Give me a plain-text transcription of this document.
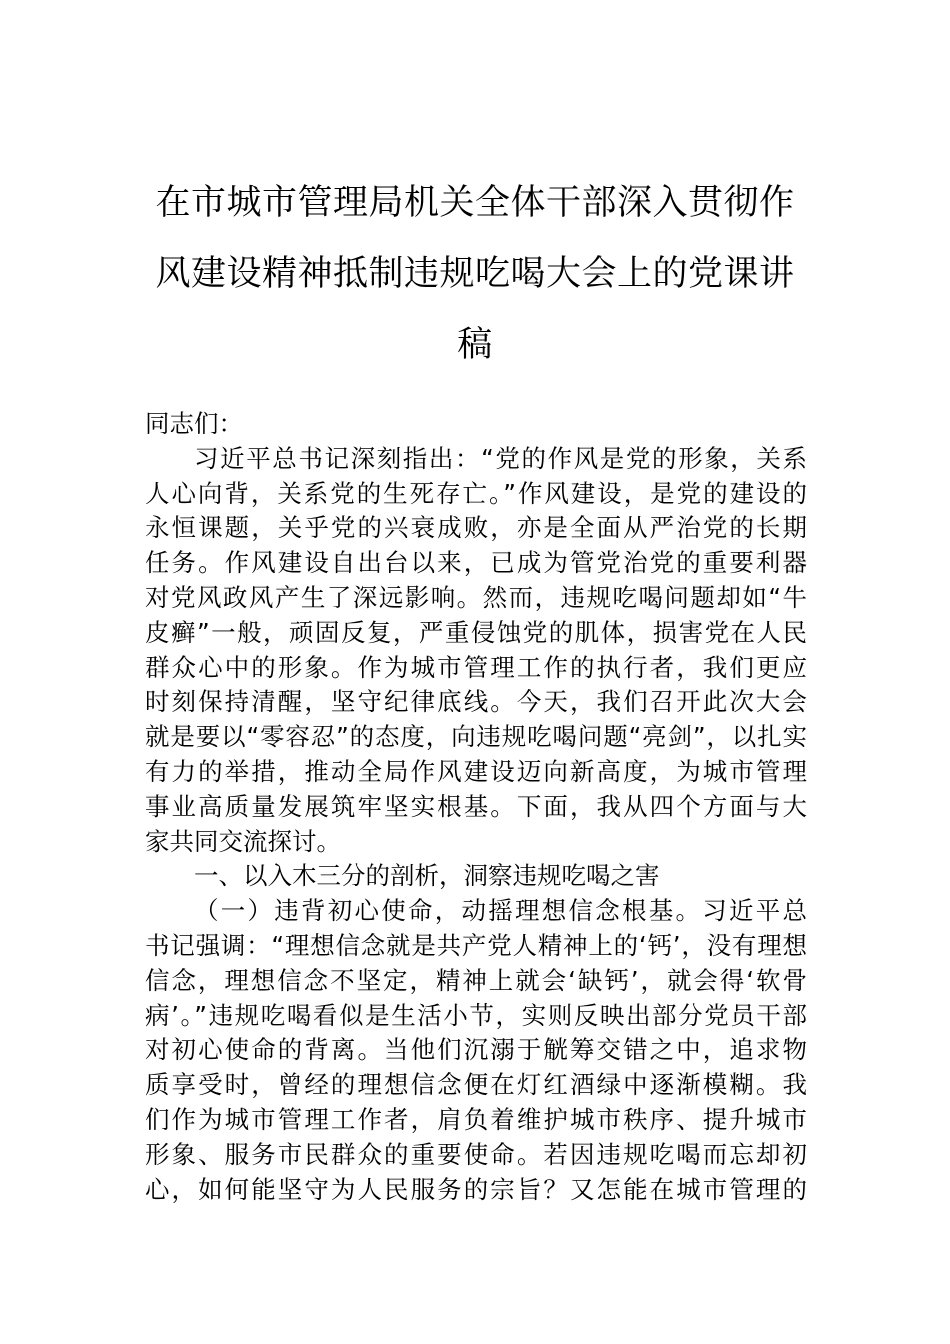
在市城市管理局机关全体干部深入贯彻作
风建设精神抵制违规吃喝大会上的党课讲
稿
同志们：
习近平总书记深刻指出：“党的作风是党的形象，关系
人心向背，关系党的生死存亡。”作风建设，是党的建设的
永恒课题，关乎党的兴衰成败，亦是全面从严治党的长期
任务。作风建设自出台以来，已成为管党治党的重要利器
对党风政风产生了深远影响。然而，违规吃喝问题却如“牛
皮癣”一般，顽固反复，严重侵蚀党的肌体，损害党在人民
群众心中的形象。作为城市管理工作的执行者，我们更应
时刻保持清醒，坚守纪律底线。今天，我们召开此次大会
就是要以“零容忍”的态度，向违规吃喝问题“亮剑”，以扎实
有力的举措，推动全局作风建设迈向新高度，为城市管理
事业高质量发展筑牢坚实根基。下面，我从四个方面与大
家共同交流探讨。
一、以入木三分的剖析，洞察违规吃喝之害
（一）违背初心使命，动摇理想信念根基。习近平总
书记强调：“理想信念就是共产党人精神上的‘钙’，没有理想
信念，理想信念不坚定，精神上就会‘缺钙’，就会得‘软骨
病’。”违规吃喝看似是生活小节，实则反映出部分党员干部
对初心使命的背离。当他们沉溺于觥筹交错之中，追求物
质享受时，曾经的理想信念便在灯红酒绿中逐渐模糊。我
们作为城市管理工作者，肩负着维护城市秩序、提升城市
形象、服务市民群众的重要使命。若因违规吃喝而忘却初
心，如何能坚守为人民服务的宗旨？又怎能在城市管理的
